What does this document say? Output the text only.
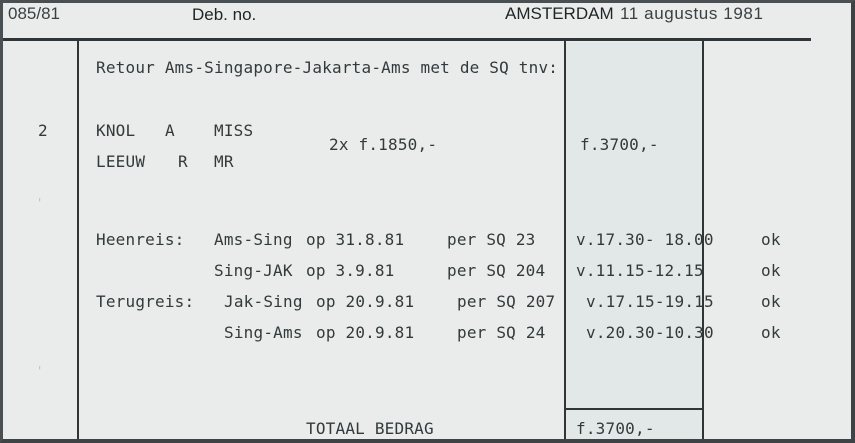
085/81	Deb. no.	AMSTERDAM 11 augustus 1981
'
'
Retour Ams-Singapore-Jakarta-Ams met de SQ tnv:
2	KNOL A MISS
LEEUW R MR
2x f.1850,-	f.3700,-
Heenreis: Ams-Sing op 31.8.81	per SQ 23	v.17.30- 18.00	ok
Sing-JAK op 3.9.81	per SQ 204 v.11.15-12.15	ok
Terugreis: Jak-Sing op 20.9.81	per SQ 207 v.17.15-19.15	ok
Sing-Ams op 20.9.81	per SQ 24	v.20.30-10.30	ok
TOTAAL BEDRAG	f.3700,-
